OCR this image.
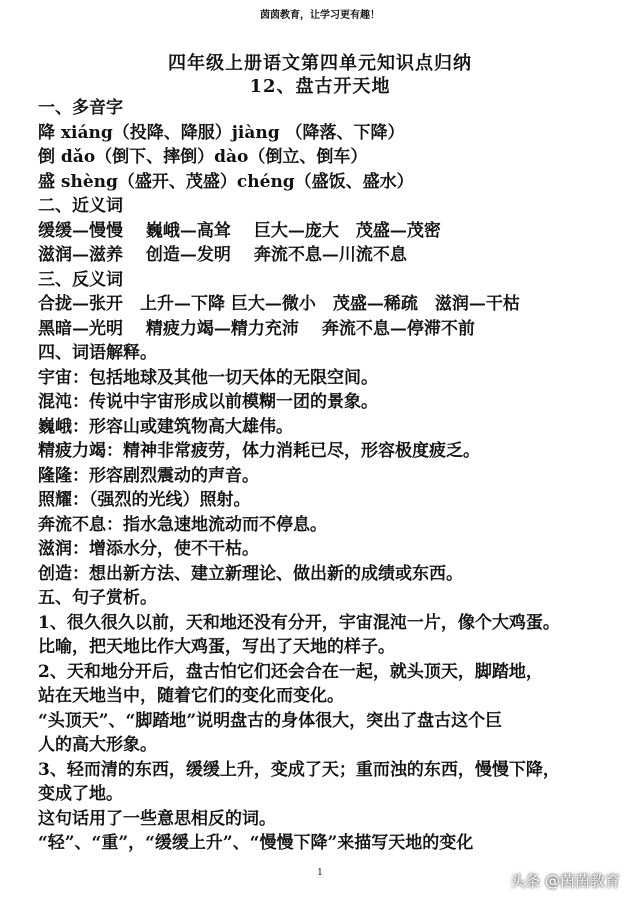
茵茵教育，让学习更有趣！
四年级上册语文第四单元知识点归纳
12、盘古开天地
一、多音字
降 xiáng（投降、降服）jiàng （降落、下降）
倒 dǎo（倒下、摔倒）dào（倒立、倒车）
盛 shèng（盛开、茂盛）chéng（盛饭、盛水）
二、近义词
缓缓—慢慢　 巍峨—高耸　 巨大—庞大　茂盛—茂密
滋润—滋养　 创造—发明　 奔流不息—川流不息
三、反义词
合拢—张开　上升—下降 巨大—微小　茂盛—稀疏　滋润—干枯
黑暗—光明　 精疲力竭—精力充沛　 奔流不息—停滞不前
四、词语解释。
宇宙：包括地球及其他一切天体的无限空间。
混沌：传说中宇宙形成以前模糊一团的景象。
巍峨：形容山或建筑物高大雄伟。
精疲力竭：精神非常疲劳，体力消耗已尽，形容极度疲乏。
隆隆：形容剧烈震动的声音。
照耀：（强烈的光线）照射。
奔流不息：指水急速地流动而不停息。
滋润：增添水分，使不干枯。
创造：想出新方法、建立新理论、做出新的成绩或东西。
五、句子赏析。
1、很久很久以前，天和地还没有分开，宇宙混沌一片，像个大鸡蛋。
比喻，把天地比作大鸡蛋，写出了天地的样子。
2、天和地分开后，盘古怕它们还会合在一起，就头顶天，脚踏地，
站在天地当中，随着它们的变化而变化。
“头顶天”、“脚踏地”说明盘古的身体很大，突出了盘古这个巨
人的高大形象。
3、轻而清的东西，缓缓上升，变成了天；重而浊的东西，慢慢下降，
变成了地。
这句话用了一些意思相反的词。
“轻”、“重”，“缓缓上升”、“慢慢下降”来描写天地的变化
1	头条 @茵茵教育
